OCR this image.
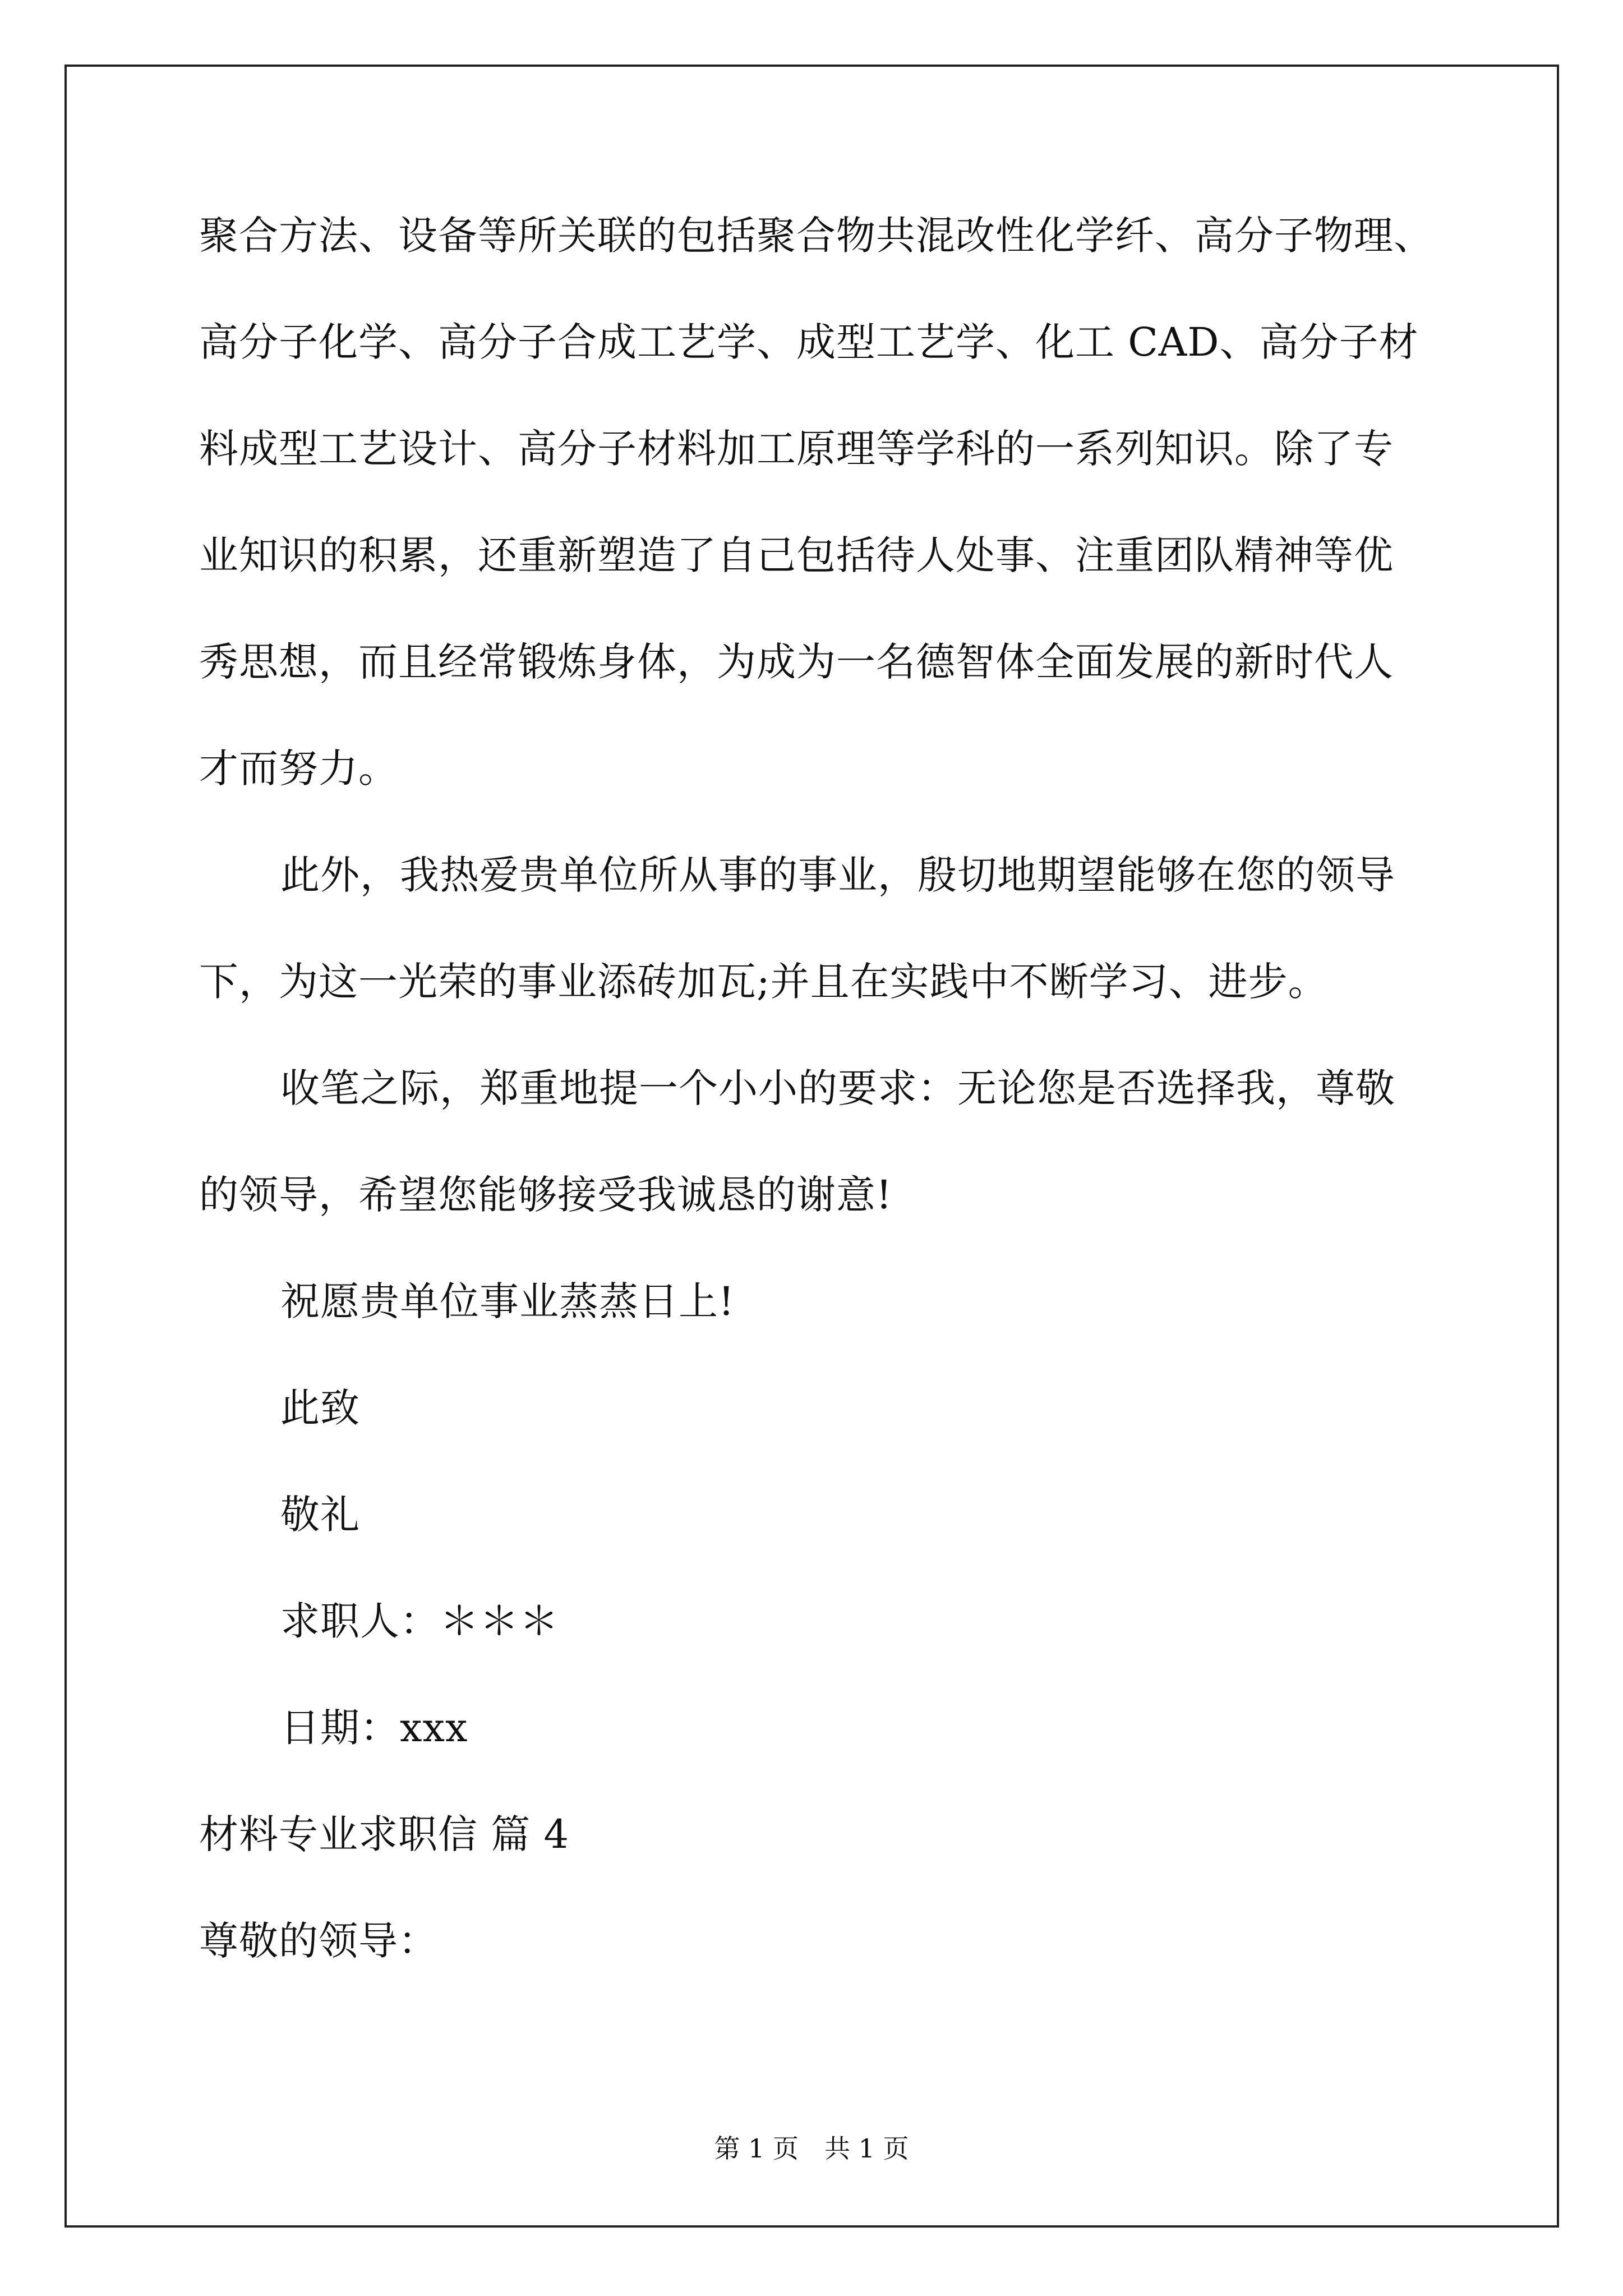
聚合方法、设备等所关联的包括聚合物共混改性化学纤、高分子物理、
高分子化学、高分子合成工艺学、成型工艺学、化工 CAD、高分子材
料成型工艺设计、高分子材料加工原理等学科的一系列知识。除了专
业知识的积累，还重新塑造了自己包括待人处事、注重团队精神等优
秀思想，而且经常锻炼身体，为成为一名德智体全面发展的新时代人
才而努力。
此外，我热爱贵单位所从事的事业，殷切地期望能够在您的领导
下，为这一光荣的事业添砖加瓦;并且在实践中不断学习、进步。
收笔之际，郑重地提一个小小的要求：无论您是否选择我，尊敬
的领导，希望您能够接受我诚恳的谢意!
祝愿贵单位事业蒸蒸日上!
此致
敬礼
求职人：＊＊＊
日期：xxx
材料专业求职信 篇 4
尊敬的领导：
第 1 页　共 1 页
